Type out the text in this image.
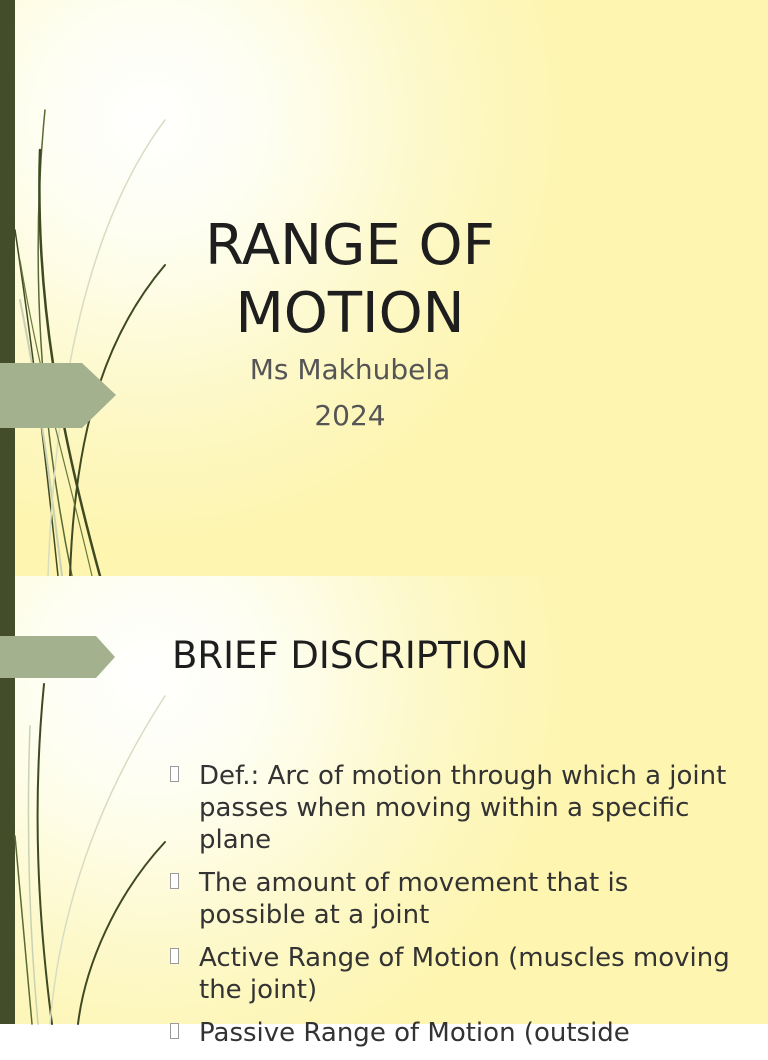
RANGE OF MOTION
Ms Makhubela
2024
BRIEF DISCRIPTION
Def.: Arc of motion through which a joint passes when moving within a specific plane
The amount of movement that is possible at a joint
Active Range of Motion (muscles moving the joint)
Passive Range of Motion (outside
